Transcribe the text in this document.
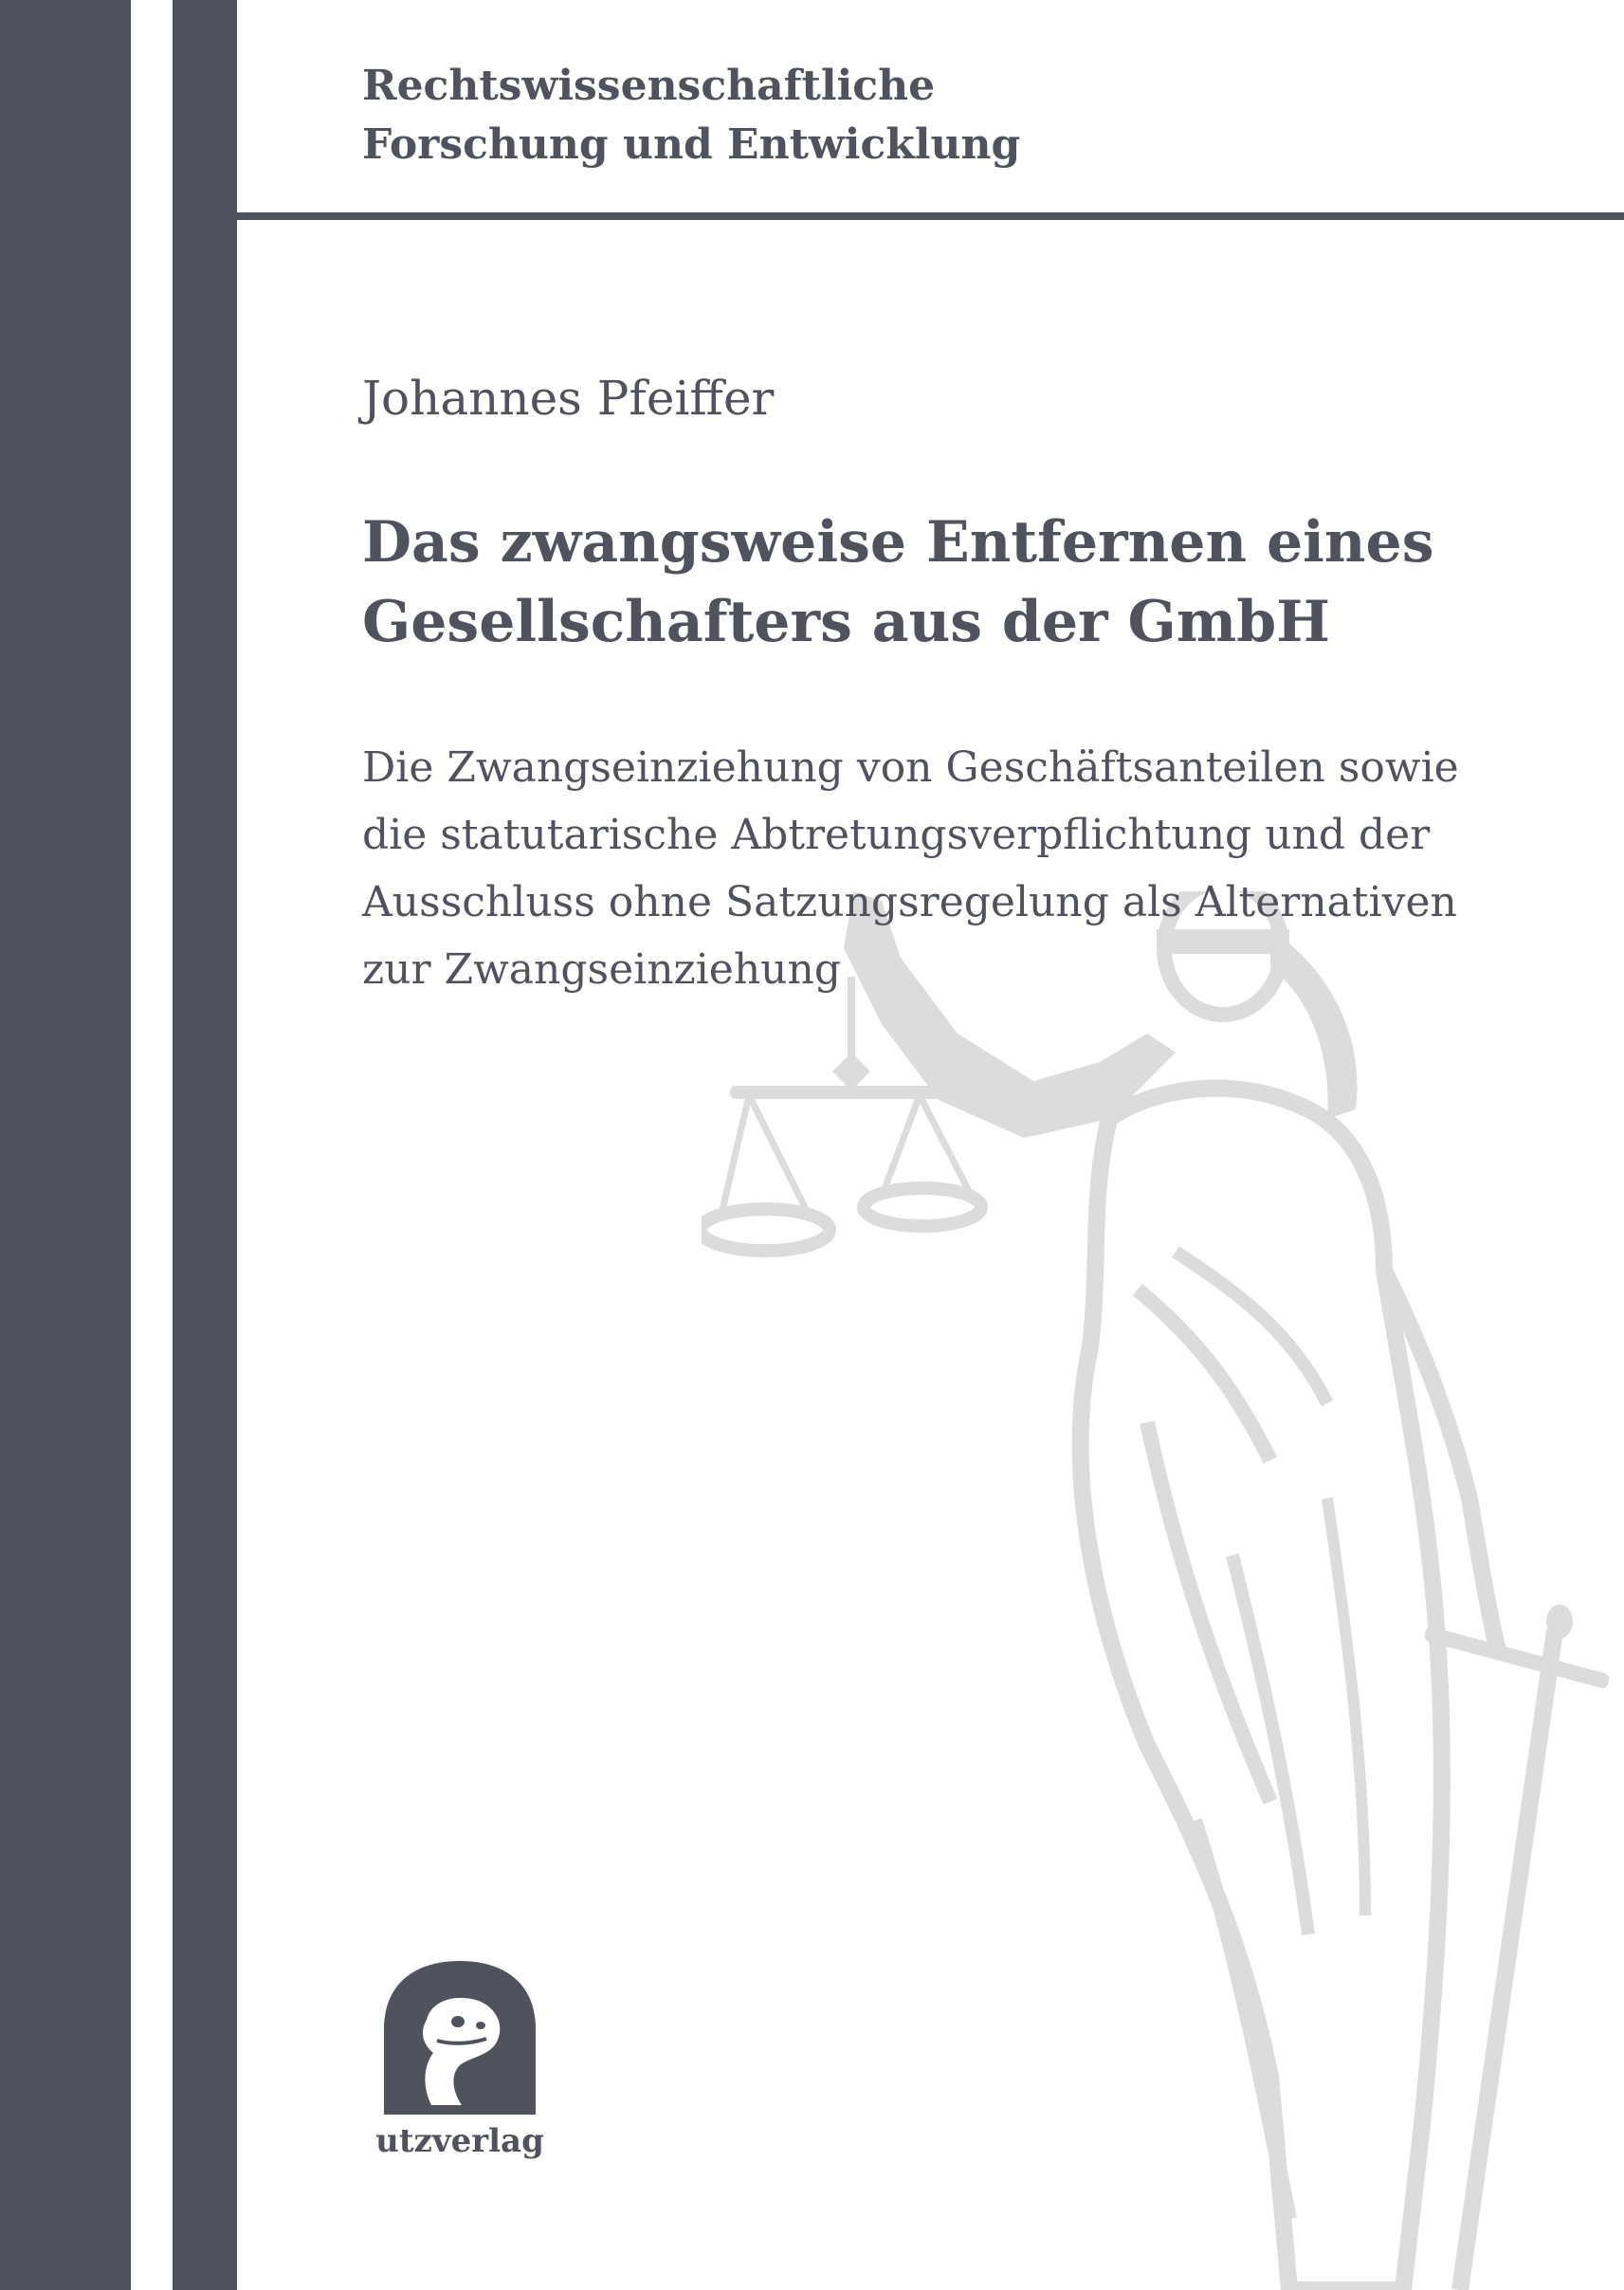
Rechtswissenschaftliche
Forschung und Entwicklung
Johannes Pfeiffer
Das zwangsweise Entfernen eines
Gesellschafters aus der GmbH
Die Zwangseinziehung von Geschäftsanteilen sowie
die statutarische Abtretungsverpflichtung und der
Ausschluss ohne Satzungsregelung als Alternativen
zur Zwangseinziehung
utzverlag
